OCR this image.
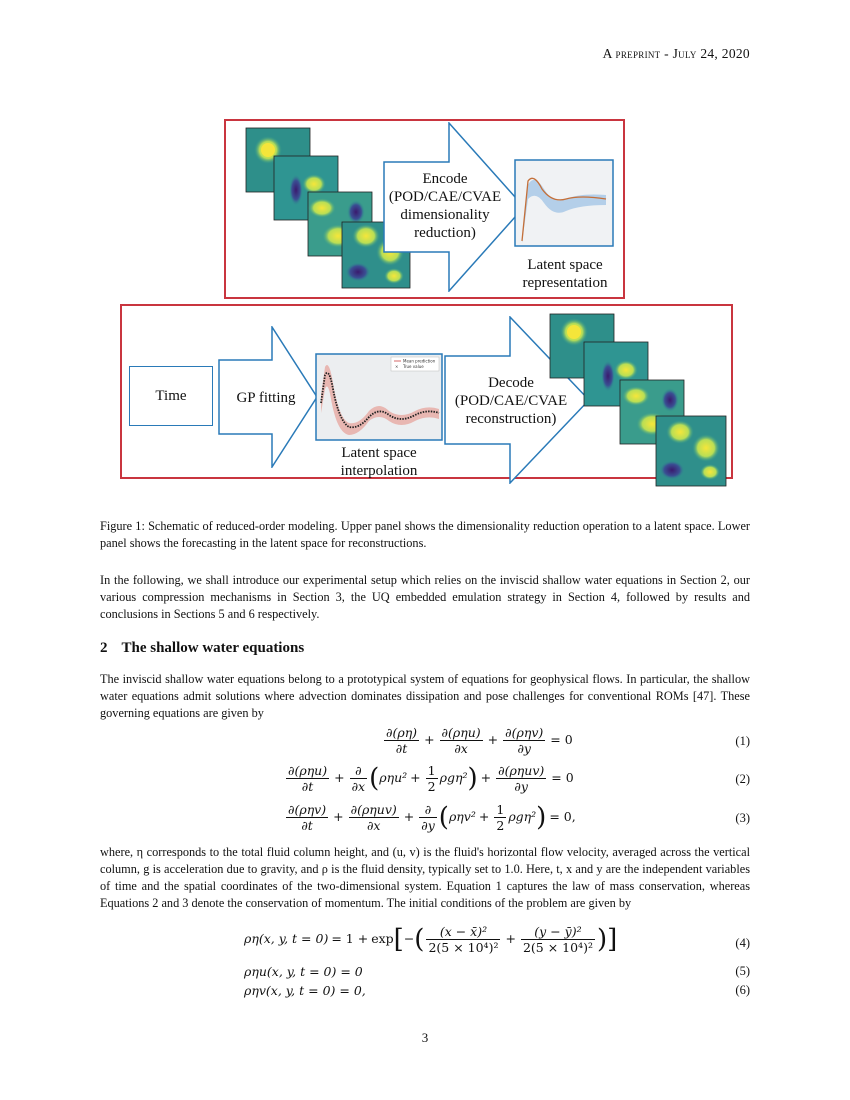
A preprint - July 24, 2020
Encode
(POD/CAE/CVAE
dimensionality
reduction)
Latent space
representation
Time	GP fitting
Mean prediction
× True value
Latent space
interpolation
Decode
(POD/CAE/CVAE
reconstruction)
Figure 1: Schematic of reduced-order modeling. Upper panel shows the dimensionality reduction operation to a latent space. Lower panel shows the forecasting in the latent space for reconstructions.
In the following, we shall introduce our experimental setup which relies on the inviscid shallow water equations in Section 2, our various compression mechanisms in Section 3, the UQ embedded emulation strategy in Section 4, followed by results and conclusions in Sections 5 and 6 respectively.
2 The shallow water equations
The inviscid shallow water equations belong to a prototypical system of equations for geophysical flows. In particular, the shallow water equations admit solutions where advection dominates dissipation and pose challenges for conventional ROMs [47]. These governing equations are given by
$\frac{\partial(\rho\eta)}{\partial t} + \frac{\text{∂(ρηu)}}{\partial x} + \frac{\text{∂(ρηv)}}{\partial y} = 0$	(1)
$\frac{\text{∂(ρηu)}}{\partial t} + \frac{\partial}{\partial x} (\rho\eta u^2 + \frac{1}{2} \rho g\eta^2) + \frac{\text{∂(ρηuv)}}{\partial y} = 0$	(2)
$\frac{\text{∂(ρηv)}}{\partial t} + \frac{\text{∂(ρηuv)}}{\partial x} + \frac{\partial}{\partial y} (\rho\eta v^2 + \frac{1}{2} \rho g\eta^2) = 0$,	(3)
where, η corresponds to the total fluid column height, and (u, v) is the fluid's horizontal flow velocity, averaged across the vertical column, g is acceleration due to gravity, and ρ is the fluid density, typically set to 1.0. Here, t, x and y are the independent variables of time and the spatial coordinates of the two-dimensional system. Equation 1 captures the law of mass conservation, whereas Equations 2 and 3 denote the conservation of momentum. The initial conditions of the problem are given by
ρη(x, y, $t = 0) = 1 + \exp[-( \frac{\text{(x − x̄)²}}{\text{2(5 × 10⁴)²}} + \frac{\text{(y − ȳ)²}}{\text{2(5 × 10⁴)²}}$ )]	(4)
ρηu(x, y, t = 0) = 0	(5)
ρηv(x, y, t = 0) = 0,	(6)
3
